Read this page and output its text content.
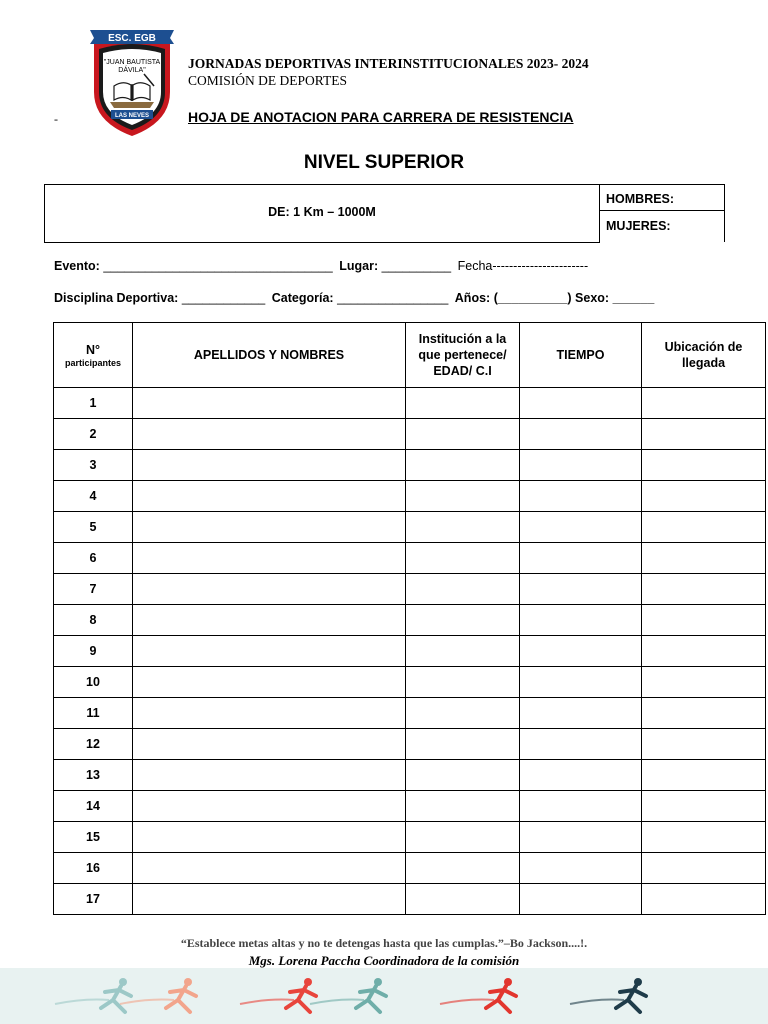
ESC. EGB
"JUAN BAUTISTA
DÁVILA"
LAS NEVES
-
JORNADAS DEPORTIVAS INTERINSTITUCIONALES 2023- 2024
COMISIÓN DE DEPORTES
HOJA DE ANOTACION PARA CARRERA DE RESISTENCIA
NIVEL SUPERIOR
DE: 1 Km – 1000M
HOMBRES:
MUJERES:
Evento: _________________________________ Lugar: __________ Fecha-----------------------
Disciplina Deportiva: ____________ Categoría: ________________ Años: (__________) Sexo: ______
N°
participantes	APELLIDOS Y NOMBRES	Institución a la que pertenece/ EDAD/ C.I	TIEMPO	Ubicación de llegada
1				
2				
3				
4				
5				
6				
7				
8				
9				
10				
11				
12				
13				
14				
15				
16				
17				
“Establece metas altas y no te detengas hasta que las cumplas.”–Bo Jackson....!.
Mgs. Lorena Paccha Coordinadora de la comisión
